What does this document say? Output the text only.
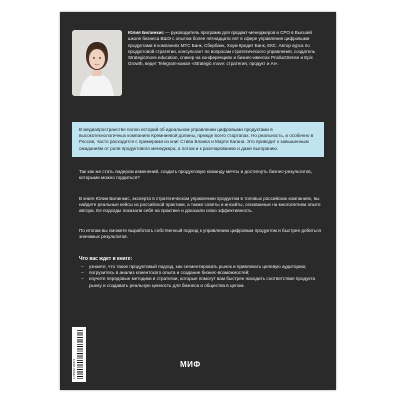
Юлия Билинкис — руководитель программ для продакт-менеджеров и CPO в Высшей школе бизнеса ВШЭ с опытом более пятнадцати лет в сфере управления цифровыми продуктами в компаниях МТС Банк, Сбербанк, Хоум Кредит Банк, ЕКС. Автор курса по продуктовой стратегии, консультант по вопросам стратегического управления, создатель Strategicmove.education, спикер на конференциях и бизнес-ивентах ProductSense и Epic Growth, ведет Telegram-канал «Strategic move: стратегия, продукт и AI».

В медиапространстве полно историй об идеальном управлении цифровыми продуктами в высокотехнологичных компаниях Кремниевой долины, прежде всего стартапах. Но реальность, и особенно в России, часто расходится с примерами из книг Стива Бланка и Марти Кагана. Это приводит к завышенным ожиданиям от роли продуктового менеджера, а потом и к разочарованию и даже выгоранию.

Так как же стать лидером изменений, создать продуктовую команду мечты и достигнуть бизнес-результатов, которыми можно гордиться?

В книге Юлии Билинкис, эксперта в стратегическом управлении продуктом в топовых российских компаниях, вы найдете реальные кейсы из российской практики, а также советы и инсайты, основанные на многолетнем опыте автора. Ее подходы показали себя на практике и доказали свою эффективность.

По итогам вы сможете выработать собственный подход к управлению цифровым продуктом и быстрее добиться значимых результатов.

Что вас ждет в книге:

– узнаете, что такое продуктовый подход, как сегментировать рынок и привлекать целевую аудиторию;
– погрузитесь в анализ клиентского опыта и создание бизнес-возможностей;
– изучите передовые методики и стратегии, которые помогут вам быстрее находить соответствие продукта рынку и создавать реальную ценность для бизнеса и общества в целом.
9 785002 149079	МИФ
